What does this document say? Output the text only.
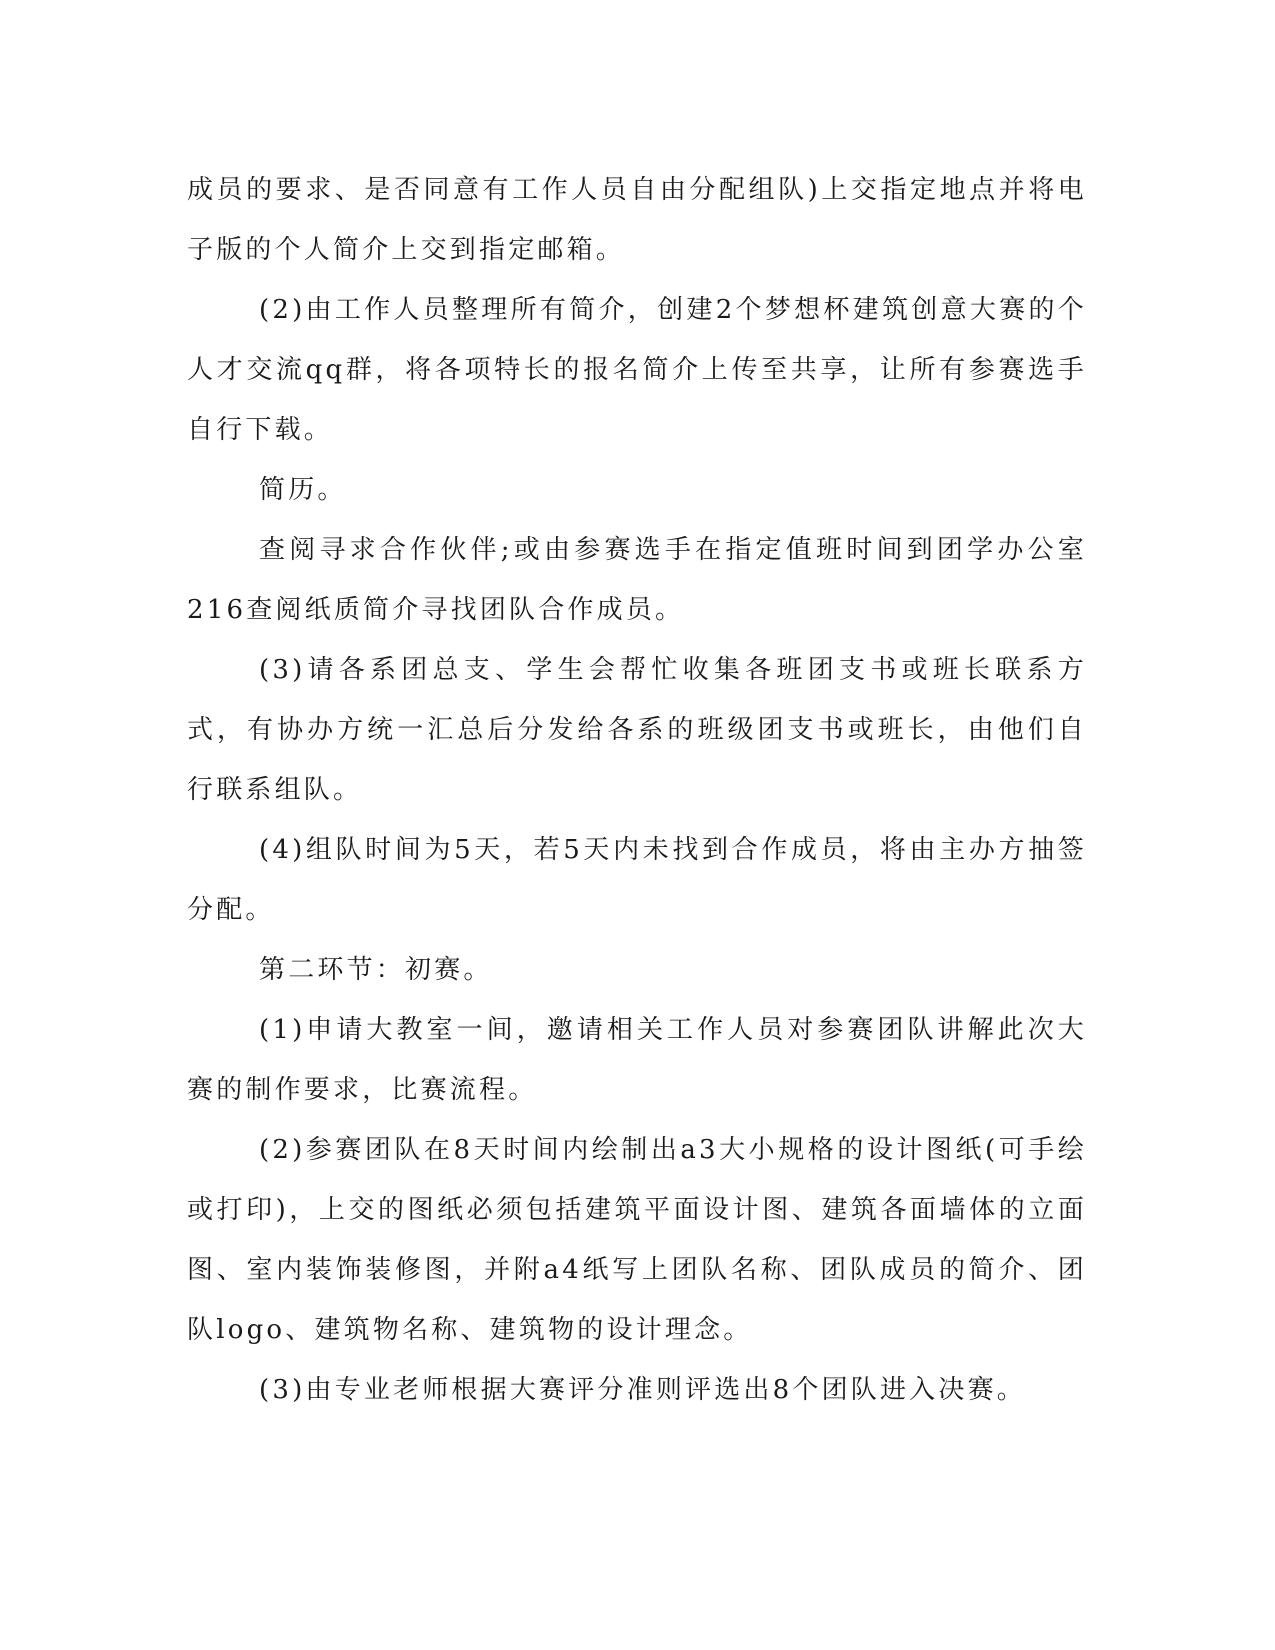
成员的要求、是否同意有工作人员自由分配组队)上交指定地点并将电子版的个人简介上交到指定邮箱。

(2)由工作人员整理所有简介，创建2个梦想杯建筑创意大赛的个人才交流qq群，将各项特长的报名简介上传至共享，让所有参赛选手自行下载。

简历。

查阅寻求合作伙伴;或由参赛选手在指定值班时间到团学办公室216查阅纸质简介寻找团队合作成员。

(3)请各系团总支、学生会帮忙收集各班团支书或班长联系方式，有协办方统一汇总后分发给各系的班级团支书或班长，由他们自行联系组队。

(4)组队时间为5天，若5天内未找到合作成员，将由主办方抽签分配。

第二环节：初赛。

(1)申请大教室一间，邀请相关工作人员对参赛团队讲解此次大赛的制作要求，比赛流程。

(2)参赛团队在8天时间内绘制出a3大小规格的设计图纸(可手绘或打印)，上交的图纸必须包括建筑平面设计图、建筑各面墙体的立面图、室内装饰装修图，并附a4纸写上团队名称、团队成员的简介、团队logo、建筑物名称、建筑物的设计理念。

(3)由专业老师根据大赛评分准则评选出8个团队进入决赛。
